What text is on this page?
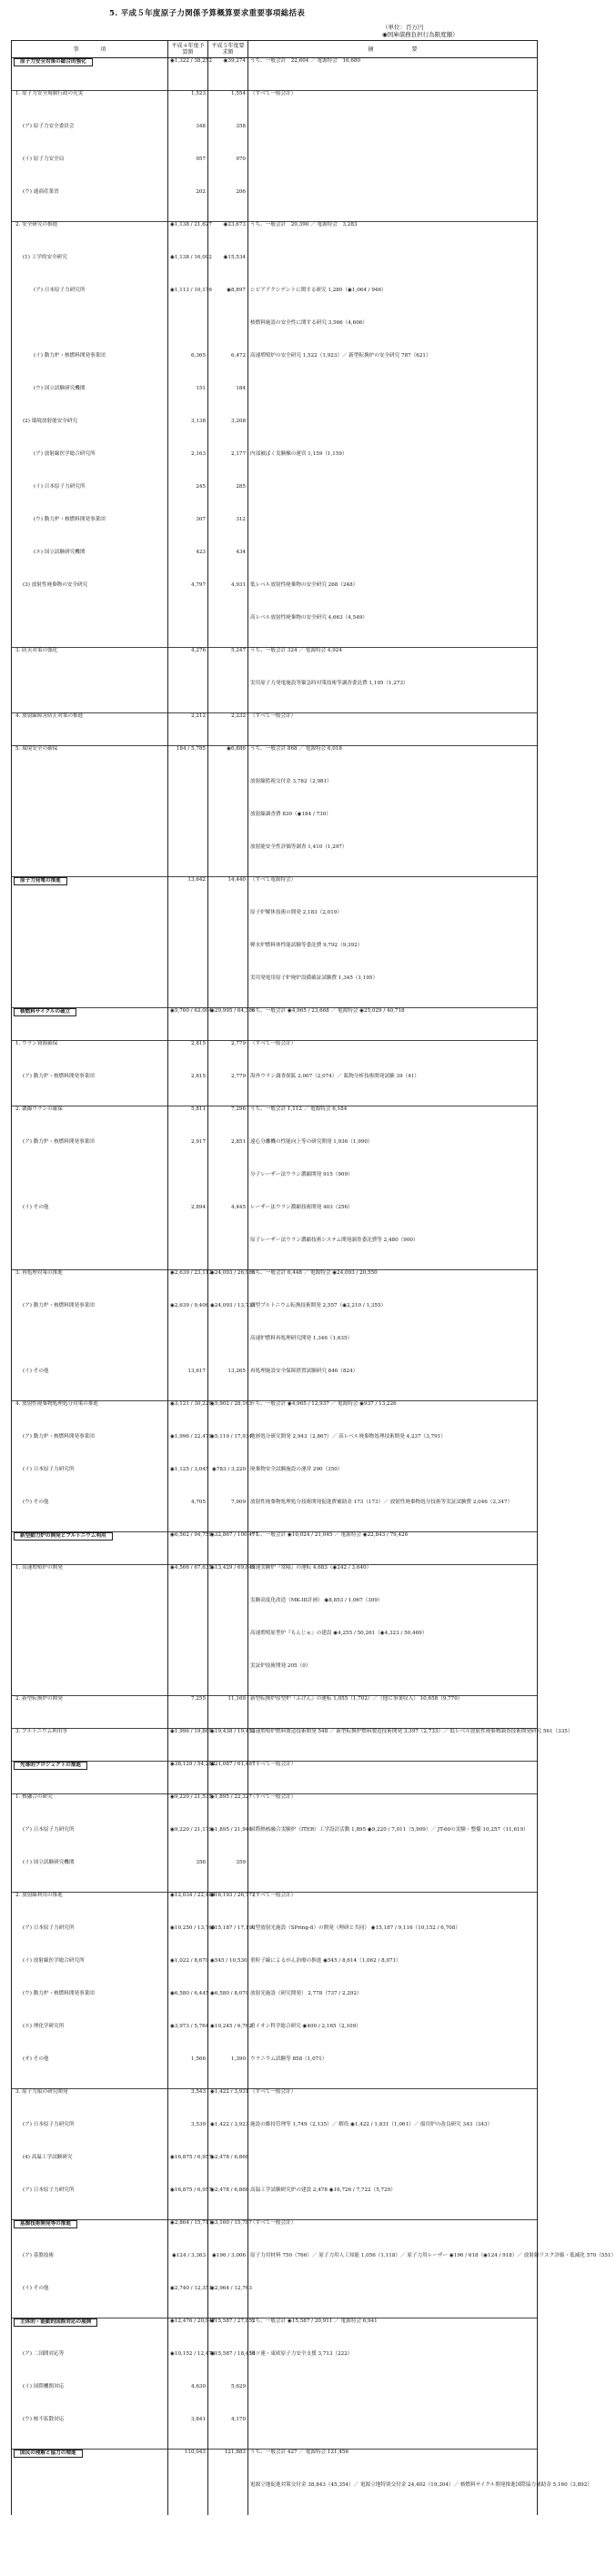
5. 平成５年度原子力関係予算概算要求重要事項総括表
（単位：百万円
◉国庫債務負担行為限度額）
事　　　　項	平成４年度予算額	平成５年度要求額	摘　　　　　　　要
原子力安全対策の総合的強化	◉1,322 / 38,252	◉39,274	うち、一般会計　22,604 ／ 電源特会　16,680
1. 原子力安全規制行政の充実	1,523	1,554	（すべて一般会計）
(ア) 原子力安全委員会	348	358	
(イ) 原子力安全局	957	970	
(ウ) 通商産業省	202	206	
2. 安全研究の推進	◉1,138 / 21,627	◉23,673	うち、一般会計　20,390 ／ 電源特会　3,283
(1) 工学的安全研究	◉1,138 / 16,092	◉15,534	
(ア) 日本原子力研究所	◉1,113 / 10,176	◉8,897	シビアアクシデントに関する研究 1,280（◉1,064 / 946）
			核燃料施設の安全性に関する研究 3,566（4,606）
(イ) 動力炉・核燃料開発事業団	6,365	6,472	高速増殖炉の安全研究 1,522（1,923）／ 新型転換炉の安全研究 787（621）
(ウ) 国立試験研究機関	151	184	
(2) 環境放射能安全研究	3,138	3,208	
(ア) 放射線医学総合研究所	2,163	2,177	内部被ばく実験棟の運営 1,159（1,159）
(イ) 日本原子力研究所	245	285	
(ウ) 動力炉・核燃料開発事業団	307	312	
(エ) 国立試験研究機関	423	434	
(3) 放射性廃棄物の安全研究	4,797	4,931	低レベル放射性廃棄物の安全研究 268（248）
			高レベル放射性廃棄物の安全研究 4,663（4,549）
3. 防災対策の強化	4,276	5,247	うち、一般会計 324 ／ 電源特会 4,924
			実用原子力発電施設等緊急時対策技術等調査委託費 1,195（1,273）
4. 放射線障害防止対策の推進	2,212	2,232	（すべて一般会計）
5. 環境安全の確保	184 / 5,785	◉6,886	うち、一般会計 868 ／ 電源特会 6,018
			放射線監視交付金 3,782（2,981）
			放射線調査費 830（◉184 / 730）
			放射能安全性評価等調査 1,410（1,297）
原子力発電の推進	13,642	14,440	（すべて電源特会）
			原子炉解体技術の開発 2,183（2,019）
			軽水炉燃料体性能試験等委託費 9,792（9,392）
			実用発電用原子炉廃炉設備確証試験費 1,345（1,195）
核燃料サイクルの確立	◉5,760 / 63,004	◉29,995 / 64,386	うち、一般会計 ◉4,965 / 23,668 ／ 電源特会 ◉25,029 / 40,718
1. ウラン資源確保	2,815	2,779	（すべて一般会計）
(ア) 動力炉・核燃料開発事業団	2,815	2,779	海外ウラン調査探鉱 2,007（2,074）／ 鉱物分析技術開発試験 39（41）
2. 濃縮ウランの確保	5,811	7,296	うち、一般会計 1,112 ／ 電源特会 6,184
(ア) 動力炉・核燃料開発事業団	2,917	2,851	遠心分離機の性能向上等の研究開発 1,936（1,990）
			分子レーザー法ウラン濃縮開発 915（909）
(イ) その他	2,894	4,445	レーザー法ウラン濃縮技術開発 403（256）
			原子レーザー法ウラン濃縮技術システム開発調査委託費等 2,480（900）
3. 再処理対策の推進	◉2,639 / 23,112	◉24,093 / 26,988	うち、一般会計 6,448 ／ 電源特会 ◉24,093 / 20,550
(ア) 動力炉・核燃料開発事業団	◉2,639 / 9,406	◉24,093 / 13,733	新型プルトニウム転換技術開発 2,557（◉2,210 / 1,355）
			高速炉燃料再処理研究開発 1,346（1,635）
(イ) その他	13,617	13,265	再処理施設安全保障措置試験研究 846（824）
4. 放射性廃棄物処理処分対策の推進	◉3,121 / 30,229	◉5,902 / 28,163	うち、一般会計 ◉4,965 / 12,937 ／ 電源特会 ◉937 / 13,226
(ア) 動力炉・核燃料開発事業団	◉1,996 / 22,479	◉5,119 / 17,934	地層処分研究開発 2,943（2,867）／ 高レベル廃棄物処理技術開発 4,237（3,791）
(イ) 日本原子力研究所	◉1,125 / 3,045	◉783 / 3,220	廃棄物安全試験施設の運営 290（350）
(ウ) その他	4,705	7,009	放射性廃棄物処理処分技術開発促進費補助金 173（173）／ 放射性廃棄物処分技術等実証試験費 2,046（2,347）
新型動力炉の開発とプルトニウム利用	◉6,562 / 94,759	◉32,867 / 100,471	うち、一般会計 ◉10,024 / 21,045 ／ 電源特会 ◉22,843 / 79,426
1. 高速増殖炉の開発	◉4,566 / 67,635	◉13,429 / 69,849	高速実験炉『常陽』の運転 4,683（◉242 / 3,640）
			実験高度化改造（MK-III計画） ◉8,853 / 1,067（309）
			高速増殖原型炉『もんじゅ』の建設 ◉4,255 / 50,261（◉4,323 / 50,469）
			実証炉技術開発 205（0）
2. 新型転換炉の開発	7,255	11,169	新型転換炉原型炉『ふげん』の運転 1,055（1,702）／（他に事業収入） 10,658（9,770）
3. プルトニウム利用等	◉1,996 / 19,869	◉19,438 / 19,452	高速増殖炉燃料製造技術開発 548 ／ 新型転換炉燃料製造技術開発 3,397（2,733）／ 低レベル放射性廃棄物調査技術開発研究 561（335）
先導的プロジェクトの推進	◉38,129 / 54,282	◉21,087 / 61,487	（すべて一般会計）
1. 核融合の研究	◉9,220 / 21,535	◉1,895 / 22,327	（すべて一般会計）
(ア) 日本原子力研究所	◉9,220 / 21,179	◉1,895 / 21,946	国際熱核融合実験炉（ITER）工学設計活動 1,895 ◉9,220 / 7,011（5,909）／ JT-60の実験・整備 10,257（11,619）
(イ) 国立試験研究機関	356	359	
2. 放射線利用の推進	◉12,034 / 22,489	◉16,193 / 26,772	（すべて一般会計）
(ア) 日本原子力研究所	◉10,250 / 13,765	◉15,187 / 17,190	大型放射光施設（SPring-8）の開発（理研と共同） ◉15,187 / 9,116（10,152 / 6,708）
(イ) 放射線医学総合研究所	◉1,022 / 8,670	◉545 / 10,530	重粒子線によるがん治療の推進 ◉545 / 8,614（1,062 / 8,071）
(ウ) 動力炉・核燃料開発事業団	◉6,580 / 6,445	◉6,580 / 8,079	放射光施設（研究開発） 2,778（737 / 2,292）
(エ) 理化学研究所	◉3,973 / 5,764	◉10,245 / 6,762	重イオン科学総合研究 ◉400 / 2,165（2,109）
(オ) その他	1,566	1,390	ウラニウム試験等 858（1,071）
3. 原子力船の研究開発	3,543	◉1,422 / 3,931	（すべて一般会計）
(ア) 日本原子力研究所	3,539	◉1,422 / 3,923	施設の維持管理等 1,749（2,135）／ 解役 ◉1,422 / 1,831（1,061）／ 船用炉の改良研究 343（343）
(4) 高温工学試験研究	◉16,875 / 6,957	◉2,478 / 6,868	
(ア) 日本原子力研究所	◉16,875 / 6,957	◉2,478 / 6,868	高温工学試験研究炉の建設 2,478 ◉16,726 / 7,722（5,729）
基盤技術開発等の推進	◉2,864 / 15,711	◉3,160 / 15,787	（すべて一般会計）
(ア) 基盤技術	◉124 / 3,363	◉196 / 3,006	原子力用材料 750（766）／ 原子力用人工知能 1,056（1,118）／ 原子力用レーザー ◉196 / 618（◉124 / 918）／ 放射線リスク評価・低減化 570（551）
(イ) その他	◉2,740 / 12,351	◉2,964 / 12,763	
主体的・能動的国際対応の展開	◉12,476 / 20,947	◉15,587 / 27,852	うち、一般会計 ◉15,587 / 20,911 ／ 電源特会 6,941
(ア) 二国間対応等	◉10,152 / 12,476	◉15,587 / 18,454	旧ソ連・東欧原子力安全支援 3,713（222）
(イ) 国際機関対応	4,630	5,629	
(ウ) 核不拡散対応	3,841	4,170	
国民の理解と協力の増進	110,043	121,883	うち、一般会計 427 ／ 電源特会 121,456
			電源立地促進対策交付金 38,843（45,354）／ 電源立地特別交付金 24,402（19,304）／ 核燃料サイクル開発推進国際協力補助金 5,160（3,892）
